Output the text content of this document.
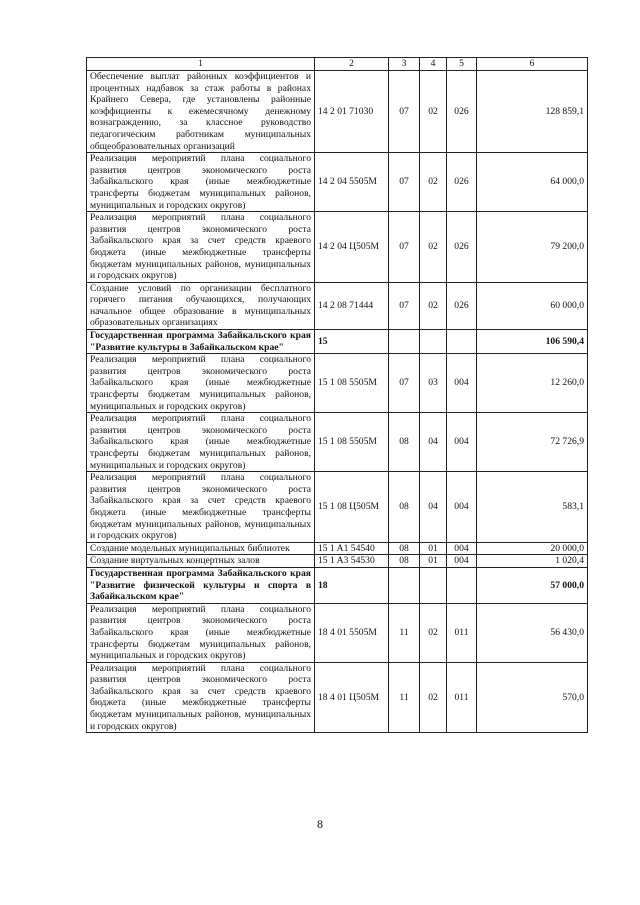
1	2	3	4	5	6
Обеспечение выплат районных коэффициентов и процентных надбавок за стаж работы в районах Крайнего Севера, где установлены районные коэффициенты к ежемесячному денежному вознаграждению, за классное руководство педагогическим работникам муниципальных общеобразовательных организаций	14 2 01 71030	07	02	026	128 859,1
Реализация мероприятий плана социального развития центров экономического роста Забайкальского края (иные межбюджетные трансферты бюджетам муниципальных районов, муниципальных и городских округов)	14 2 04 5505M	07	02	026	64 000,0
Реализация мероприятий плана социального развития центров экономического роста Забайкальского края за счет средств краевого бюджета (иные межбюджетные трансферты бюджетам муниципальных районов, муниципальных и городских округов)	14 2 04 Ц505М	07	02	026	79 200,0
Создание условий по организации бесплатного горячего питания обучающихся, получающих начальное общее образование в муниципальных образовательных организациях	14 2 08 71444	07	02	026	60 000,0
Государственная программа Забайкальского края "Развитие культуры в Забайкальском крае"	15				106 590,4
Реализация мероприятий плана социального развития центров экономического роста Забайкальского края (иные межбюджетные трансферты бюджетам муниципальных районов, муниципальных и городских округов)	15 1 08 5505M	07	03	004	12 260,0
Реализация мероприятий плана социального развития центров экономического роста Забайкальского края (иные межбюджетные трансферты бюджетам муниципальных районов, муниципальных и городских округов)	15 1 08 5505M	08	04	004	72 726,9
Реализация мероприятий плана социального развития центров экономического роста Забайкальского края за счет средств краевого бюджета (иные межбюджетные трансферты бюджетам муниципальных районов, муниципальных и городских округов)	15 1 08 Ц505М	08	04	004	583,1
Создание модельных муниципальных библиотек	15 1 A1 54540	08	01	004	20 000,0
Создание виртуальных концертных залов	15 1 A3 54530	08	01	004	1 020,4
Государственная программа Забайкальского края "Развитие физической культуры и спорта в Забайкальском крае"	18				57 000,0
Реализация мероприятий плана социального развития центров экономического роста Забайкальского края (иные межбюджетные трансферты бюджетам муниципальных районов, муниципальных и городских округов)	18 4 01 5505M	11	02	011	56 430,0
Реализация мероприятий плана социального развития центров экономического роста Забайкальского края за счет средств краевого бюджета (иные межбюджетные трансферты бюджетам муниципальных районов, муниципальных и городских округов)	18 4 01 Ц505М	11	02	011	570,0
8
